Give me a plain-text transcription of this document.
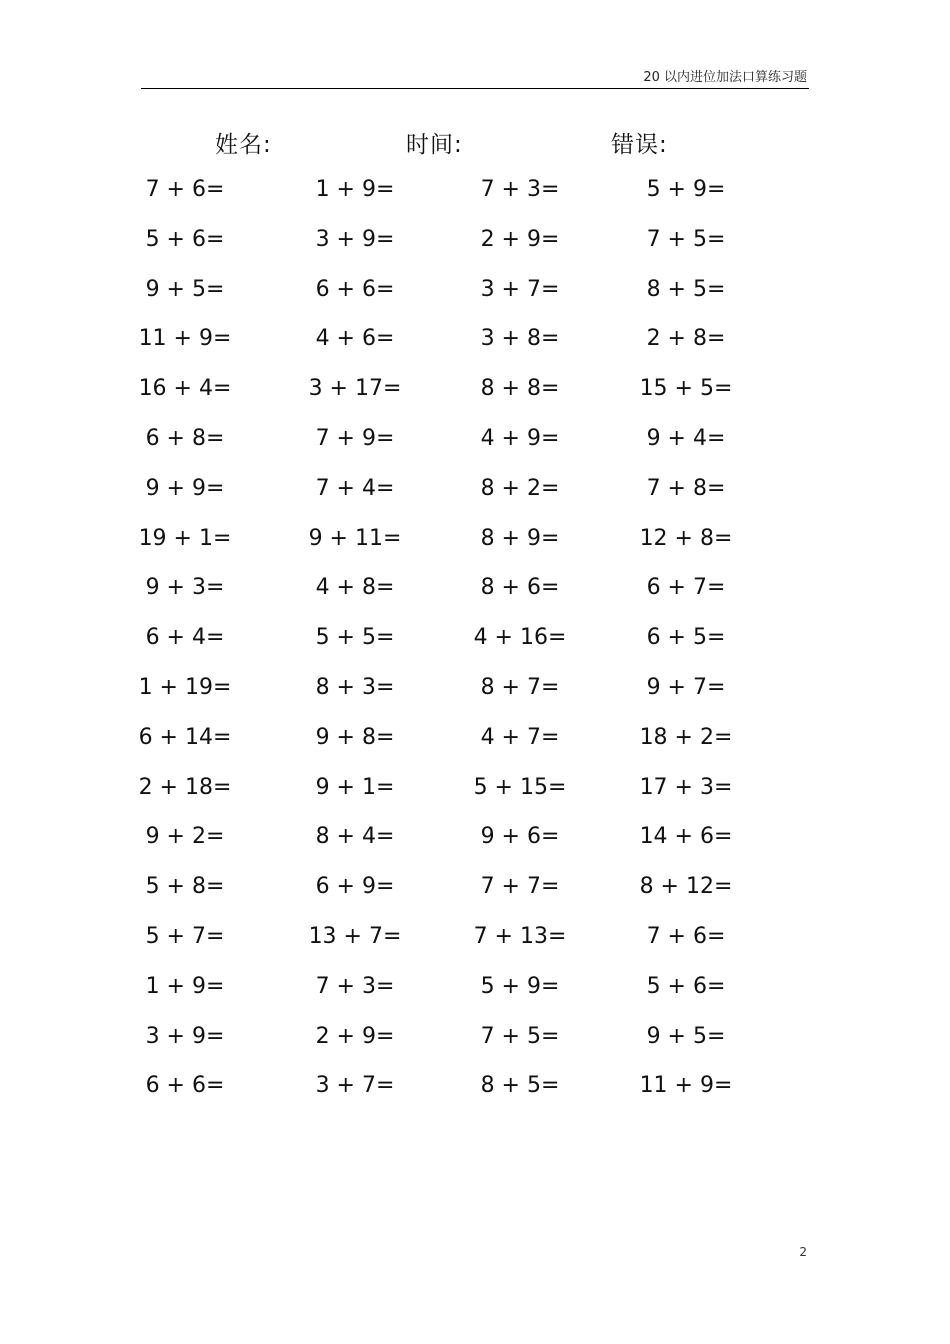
20 以内进位加法口算练习题
姓名:	时间:	错误:
7 + 6=	1 + 9=	7 + 3=	5 + 9=
5 + 6=	3 + 9=	2 + 9=	7 + 5=
9 + 5=	6 + 6=	3 + 7=	8 + 5=
11 + 9=	4 + 6=	3 + 8=	2 + 8=
16 + 4=	3 + 17=	8 + 8=	15 + 5=
6 + 8=	7 + 9=	4 + 9=	9 + 4=
9 + 9=	7 + 4=	8 + 2=	7 + 8=
19 + 1=	9 + 11=	8 + 9=	12 + 8=
9 + 3=	4 + 8=	8 + 6=	6 + 7=
6 + 4=	5 + 5=	4 + 16=	6 + 5=
1 + 19=	8 + 3=	8 + 7=	9 + 7=
6 + 14=	9 + 8=	4 + 7=	18 + 2=
2 + 18=	9 + 1=	5 + 15=	17 + 3=
9 + 2=	8 + 4=	9 + 6=	14 + 6=
5 + 8=	6 + 9=	7 + 7=	8 + 12=
5 + 7=	13 + 7=	7 + 13=	7 + 6=
1 + 9=	7 + 3=	5 + 9=	5 + 6=
3 + 9=	2 + 9=	7 + 5=	9 + 5=
6 + 6=	3 + 7=	8 + 5=	11 + 9=
2
